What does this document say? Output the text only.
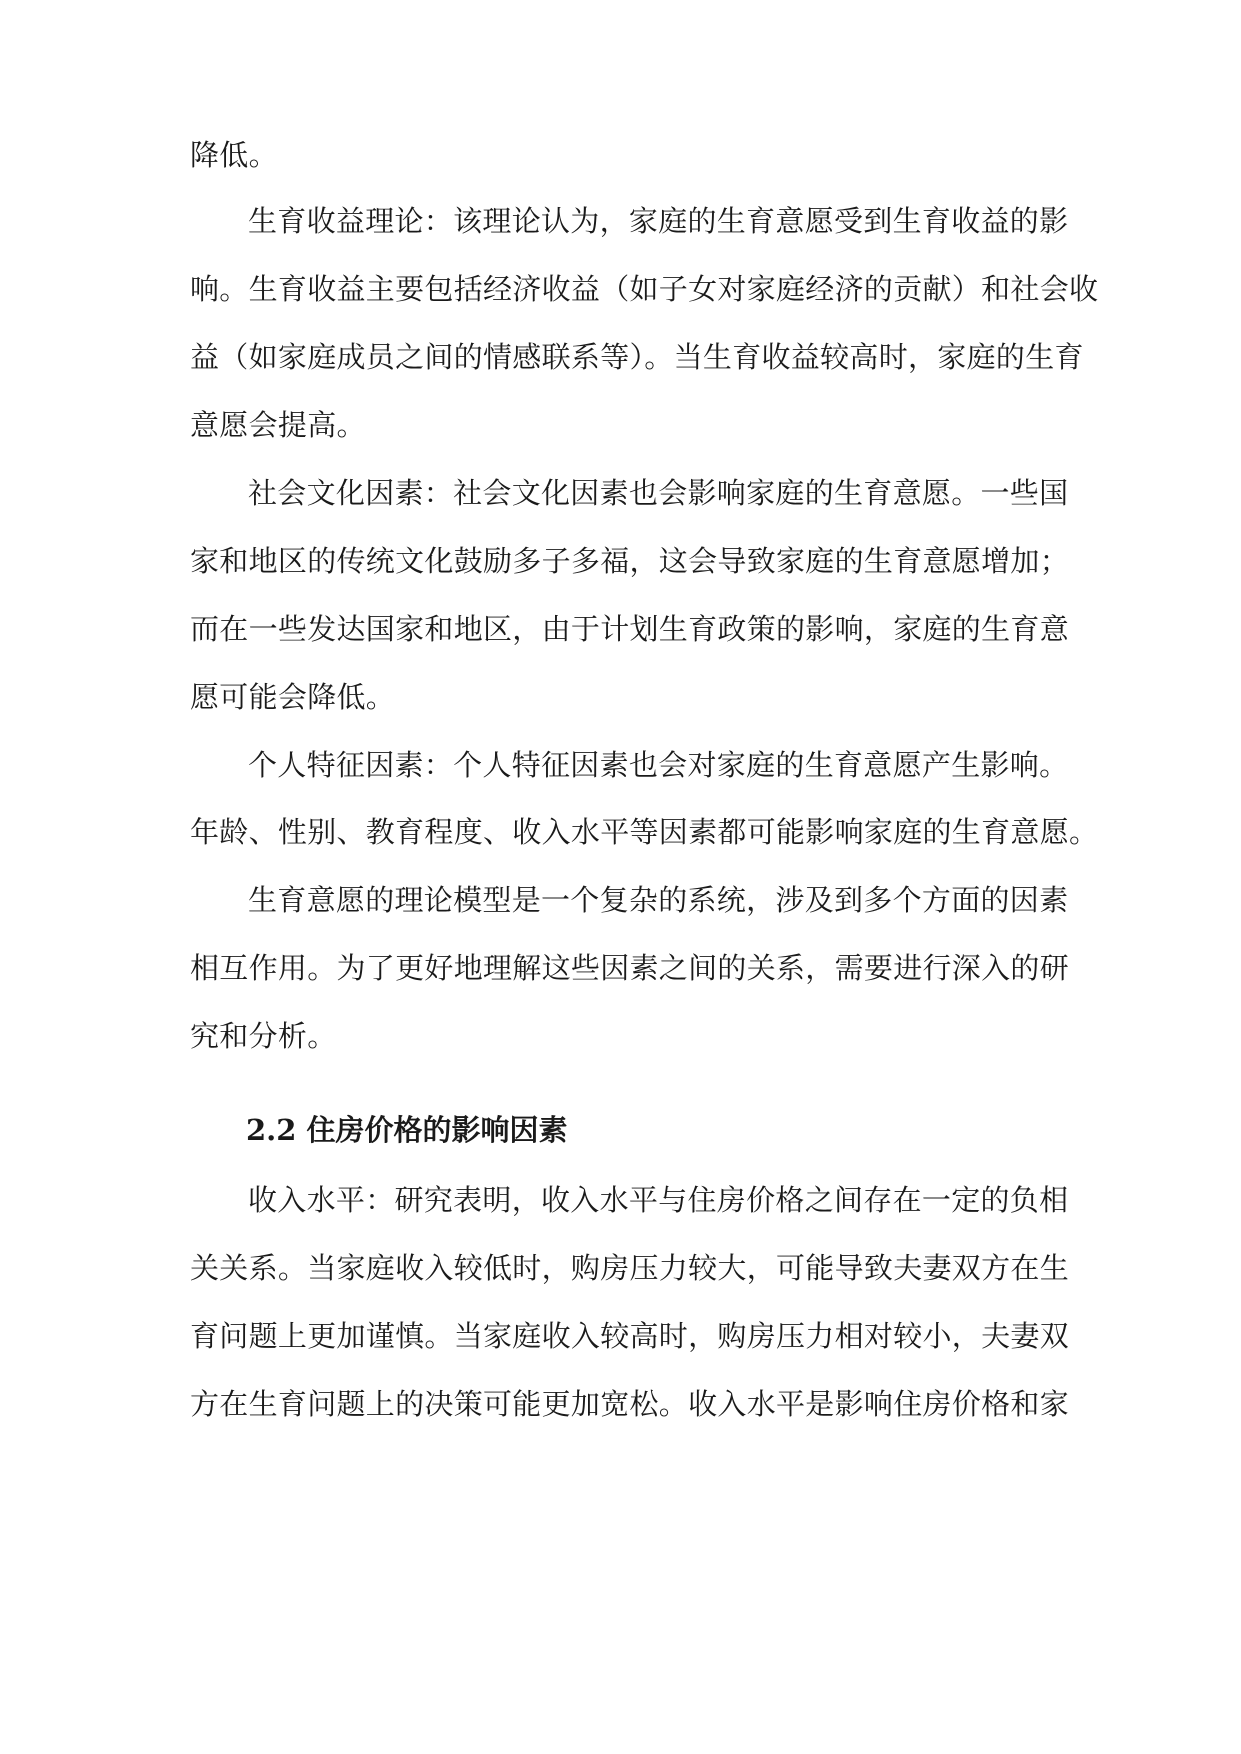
降低。
生育收益理论：该理论认为，家庭的生育意愿受到生育收益的影
响。生育收益主要包括经济收益（如子女对家庭经济的贡献）和社会收
益（如家庭成员之间的情感联系等）。当生育收益较高时，家庭的生育
意愿会提高。
社会文化因素：社会文化因素也会影响家庭的生育意愿。一些国
家和地区的传统文化鼓励多子多福，这会导致家庭的生育意愿增加；
而在一些发达国家和地区，由于计划生育政策的影响，家庭的生育意
愿可能会降低。
个人特征因素：个人特征因素也会对家庭的生育意愿产生影响。
年龄、性别、教育程度、收入水平等因素都可能影响家庭的生育意愿。
生育意愿的理论模型是一个复杂的系统，涉及到多个方面的因素
相互作用。为了更好地理解这些因素之间的关系，需要进行深入的研
究和分析。
2.2 住房价格的影响因素
收入水平：研究表明，收入水平与住房价格之间存在一定的负相
关关系。当家庭收入较低时，购房压力较大，可能导致夫妻双方在生
育问题上更加谨慎。当家庭收入较高时，购房压力相对较小，夫妻双
方在生育问题上的决策可能更加宽松。收入水平是影响住房价格和家
